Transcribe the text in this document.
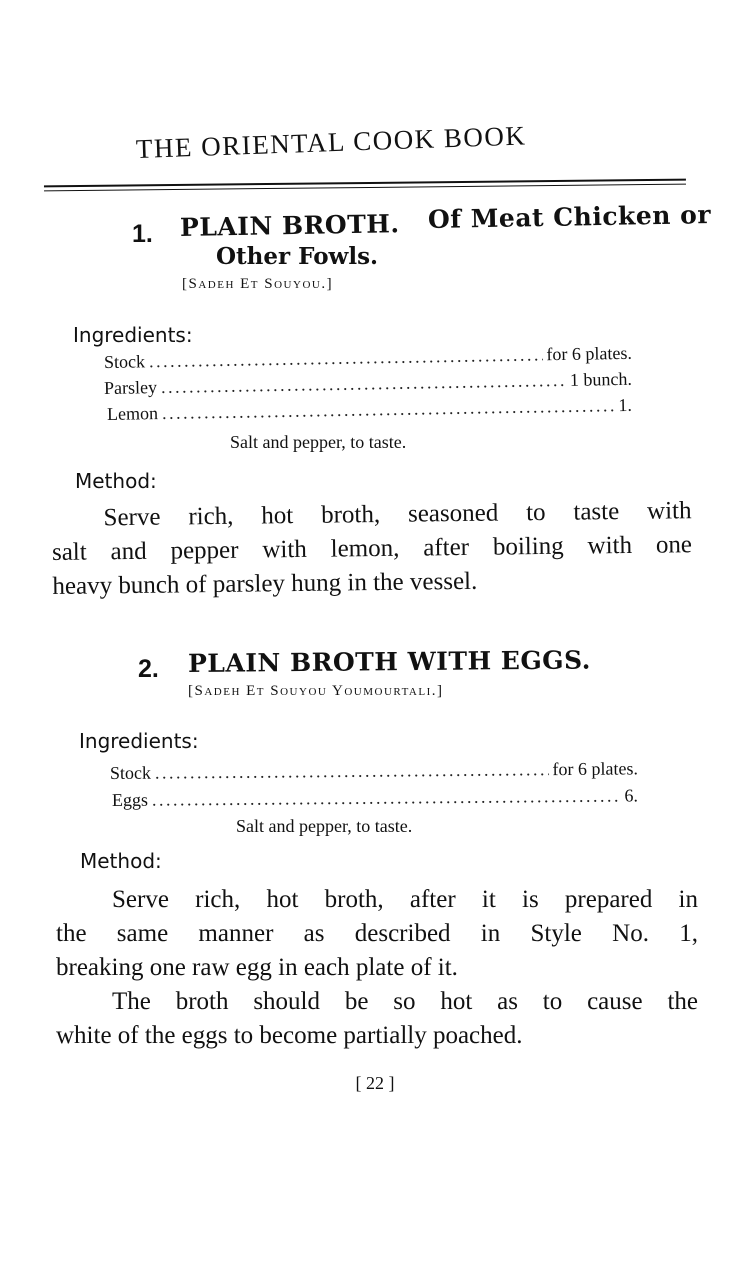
THE ORIENTAL COOK BOOK
1. PLAIN BROTH. Of Meat Chicken or
Other Fowls.
[Sadeh Et Souyou.]
Ingredients:
Stock . . .	for 6 plates.
Parsley . . .	1 bunch.
Lemon . . .	1.
Salt and pepper, to taste.
Method:
Serve rich, hot broth, seasoned to taste with
salt and pepper with lemon, after boiling with one
heavy bunch of parsley hung in the vessel.
2. PLAIN BROTH WITH EGGS.
[Sadeh Et Souyou Youmourtali.]
Ingredients:
Stock . . .	for 6 plates.
Eggs . . .	6.
Salt and pepper, to taste.
Method:
Serve rich, hot broth, after it is prepared in
the same manner as described in Style No. 1,
breaking one raw egg in each plate of it.
The broth should be so hot as to cause the
white of the eggs to become partially poached.
[ 22 ]
